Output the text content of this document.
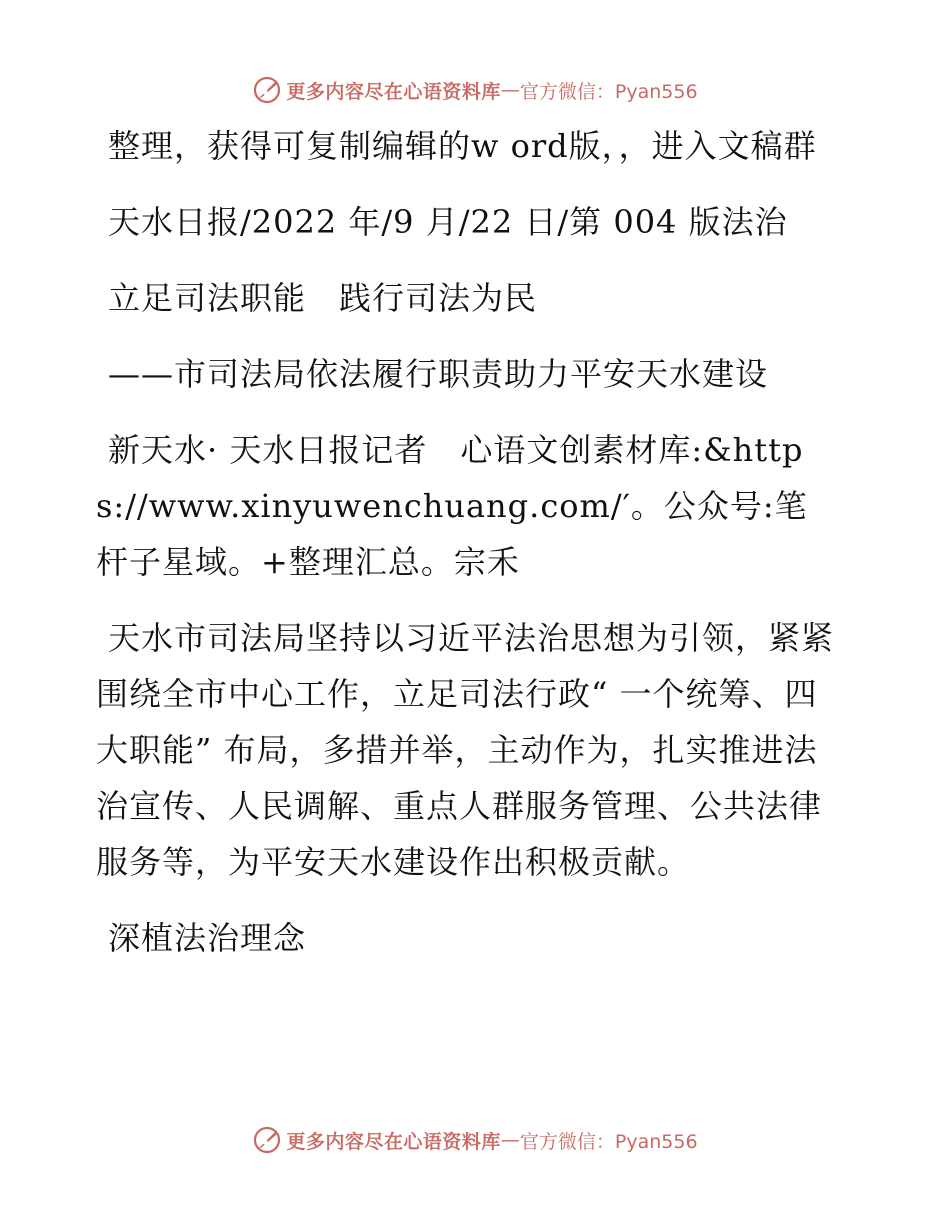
更多内容尽在心语资料库 — 官方微信：Pyan556

整理，获得可复制编辑的w ord版，，进入文稿群

天水日报/2022 年/9 月/22 日/第 004 版法治

立足司法职能　践行司法为民

——市司法局依法履行职责助力平安天水建设

新天水· 天水日报记者　心语文创素材库:&https://www.xinyuwenchuang.com/′。公众号:笔杆子星域。+整理汇总。宗禾

天水市司法局坚持以习近平法治思想为引领，紧紧围绕全市中心工作，立足司法行政“ 一个统筹、四大职能” 布局，多措并举，主动作为，扎实推进法治宣传、人民调解、重点人群服务管理、公共法律服务等，为平安天水建设作出积极贡献。

深植法治理念

更多内容尽在心语资料库 — 官方微信：Pyan556
